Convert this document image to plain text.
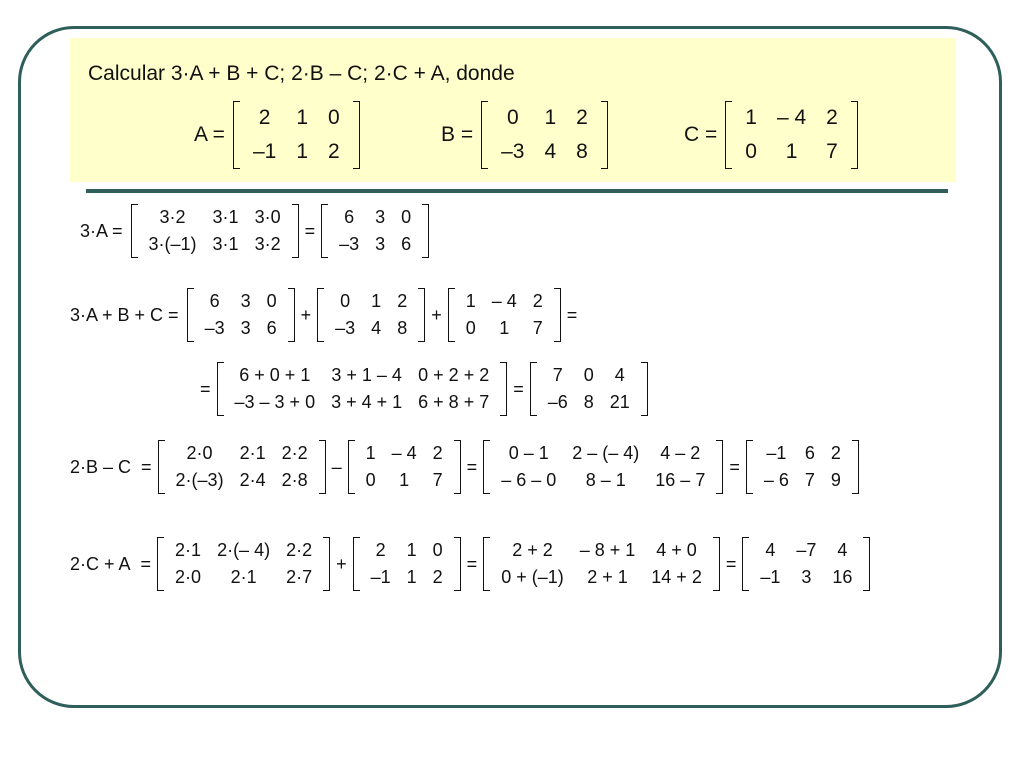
Calcular 3·A + B + C; 2·B – C; 2·C + A, donde
A =
2	1	0
–1	1	2
B =
0	1	2
–3	4	8
C =
1	– 4	2
0	1	7
3·A =
3·2	3·1	3·0
3·(–1)	3·1	3·2
=
6	3	0
–3	3	6
3·A + B + C =
6	3	0
–3	3	6
+
0	1	2
–3	4	8
+
1	– 4	2
0	1	7
=
=
6 + 0 + 1	3 + 1 – 4	0 + 2 + 2
–3 – 3 + 0	3 + 4 + 1	6 + 8 + 7
=
7	0	4
–6	8	21
2·B – C =
2·0	2·1	2·2
2·(–3)	2·4	2·8
–
1	– 4	2
0	1	7
=
0 – 1	2 – (– 4)	4 – 2
– 6 – 0	8 – 1	16 – 7
=
–1	6	2
– 6	7	9
2·C + A =
2·1	2·(– 4)	2·2
2·0	2·1	2·7
+
2	1	0
–1	1	2
=
2 + 2	– 8 + 1	4 + 0
0 + (–1)	2 + 1	14 + 2
=
4	–7	4
–1	3	16
